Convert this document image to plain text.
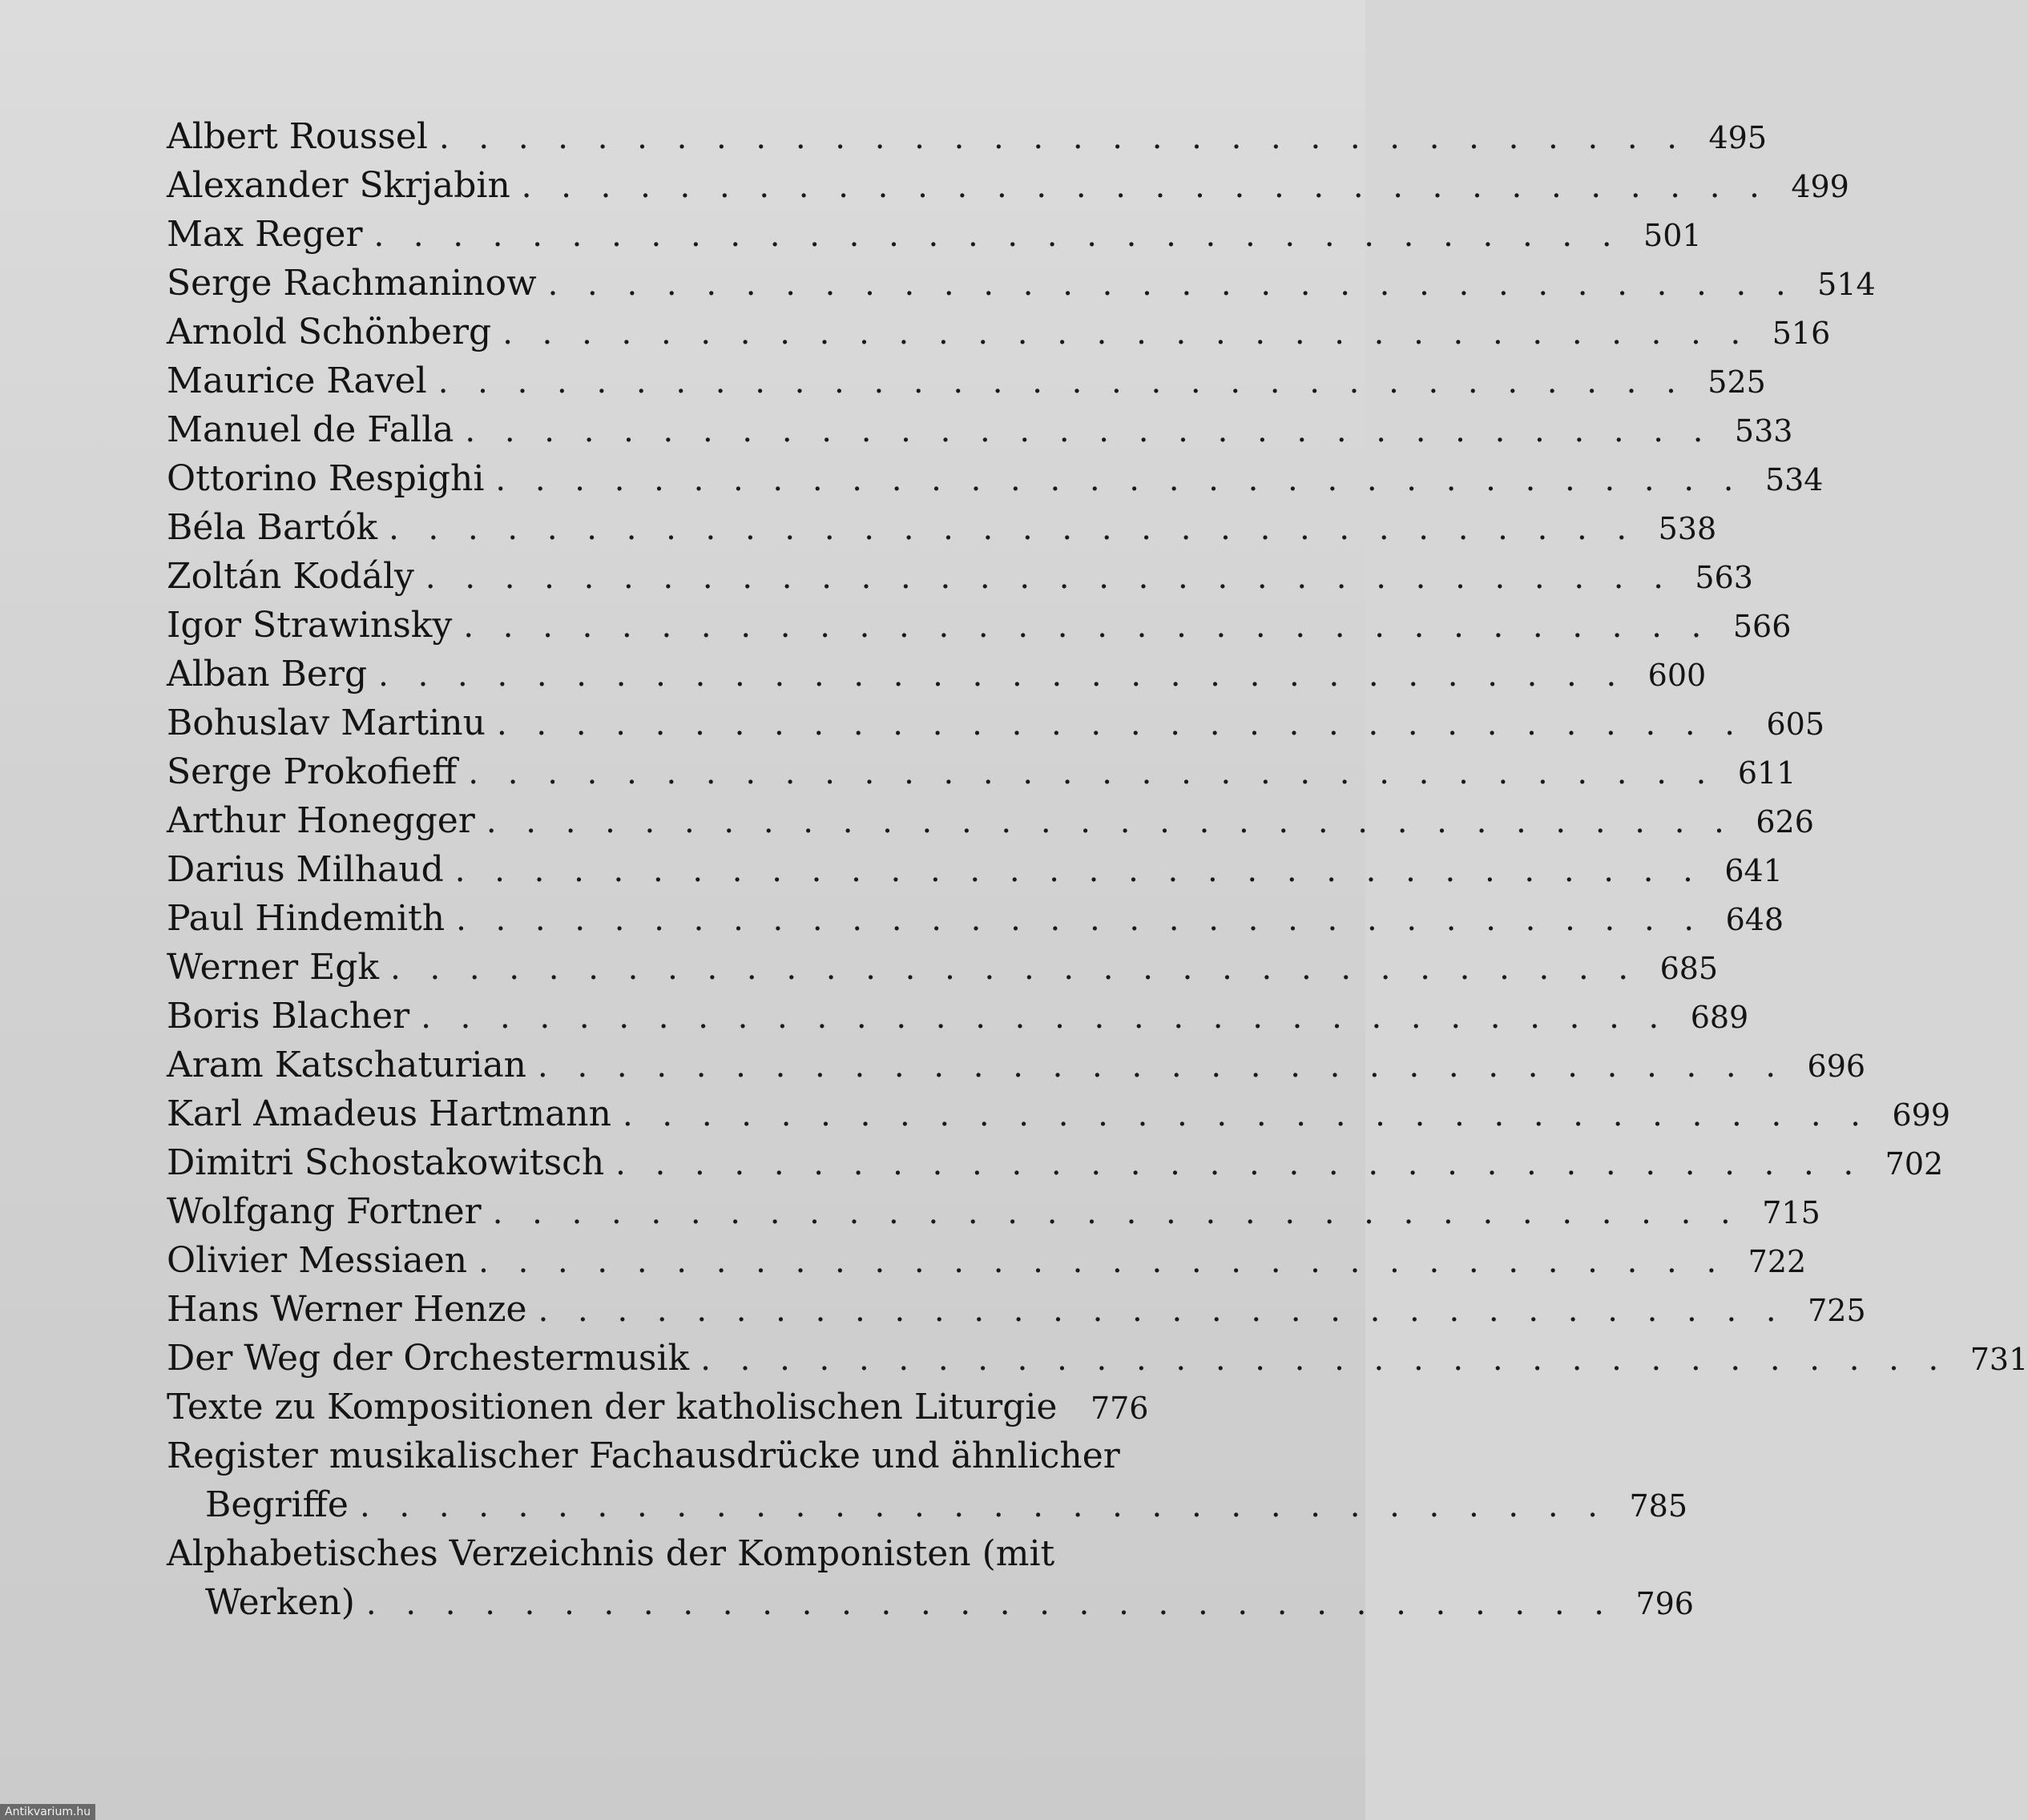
Albert Roussel . . . . . . . . . . . . . . . . . . . . . . . . . . . . . . . . 495
Alexander Skrjabin . . . . . . . . . . . . . . . . . . . . . . . . . . . . . . . . 499
Max Reger . . . . . . . . . . . . . . . . . . . . . . . . . . . . . . . . 501
Serge Rachmaninow . . . . . . . . . . . . . . . . . . . . . . . . . . . . . . . . 514
Arnold Schönberg . . . . . . . . . . . . . . . . . . . . . . . . . . . . . . . . 516
Maurice Ravel . . . . . . . . . . . . . . . . . . . . . . . . . . . . . . . . 525
Manuel de Falla . . . . . . . . . . . . . . . . . . . . . . . . . . . . . . . . 533
Ottorino Respighi . . . . . . . . . . . . . . . . . . . . . . . . . . . . . . . . 534
Béla Bartók . . . . . . . . . . . . . . . . . . . . . . . . . . . . . . . . 538
Zoltán Kodály . . . . . . . . . . . . . . . . . . . . . . . . . . . . . . . . 563
Igor Strawinsky . . . . . . . . . . . . . . . . . . . . . . . . . . . . . . . . 566
Alban Berg . . . . . . . . . . . . . . . . . . . . . . . . . . . . . . . . 600
Bohuslav Martinu . . . . . . . . . . . . . . . . . . . . . . . . . . . . . . . . 605
Serge Prokofieff . . . . . . . . . . . . . . . . . . . . . . . . . . . . . . . . 611
Arthur Honegger . . . . . . . . . . . . . . . . . . . . . . . . . . . . . . . . 626
Darius Milhaud . . . . . . . . . . . . . . . . . . . . . . . . . . . . . . . . 641
Paul Hindemith . . . . . . . . . . . . . . . . . . . . . . . . . . . . . . . . 648
Werner Egk . . . . . . . . . . . . . . . . . . . . . . . . . . . . . . . . 685
Boris Blacher . . . . . . . . . . . . . . . . . . . . . . . . . . . . . . . . 689
Aram Katschaturian . . . . . . . . . . . . . . . . . . . . . . . . . . . . . . . . 696
Karl Amadeus Hartmann . . . . . . . . . . . . . . . . . . . . . . . . . . . . . . . . 699
Dimitri Schostakowitsch . . . . . . . . . . . . . . . . . . . . . . . . . . . . . . . . 702
Wolfgang Fortner . . . . . . . . . . . . . . . . . . . . . . . . . . . . . . . . 715
Olivier Messiaen . . . . . . . . . . . . . . . . . . . . . . . . . . . . . . . . 722
Hans Werner Henze . . . . . . . . . . . . . . . . . . . . . . . . . . . . . . . . 725
Der Weg der Orchestermusik . . . . . . . . . . . . . . . . . . . . . . . . . . . . . . . . 731
Texte zu Kompositionen der katholischen Liturgie	776
Register musikalischer Fachausdrücke und ähnlicher
Begriffe . . . . . . . . . . . . . . . . . . . . . . . . . . . . . . . . 785
Alphabetisches Verzeichnis der Komponisten (mit
Werken) . . . . . . . . . . . . . . . . . . . . . . . . . . . . . . . . 796
Antikvarium.hu
